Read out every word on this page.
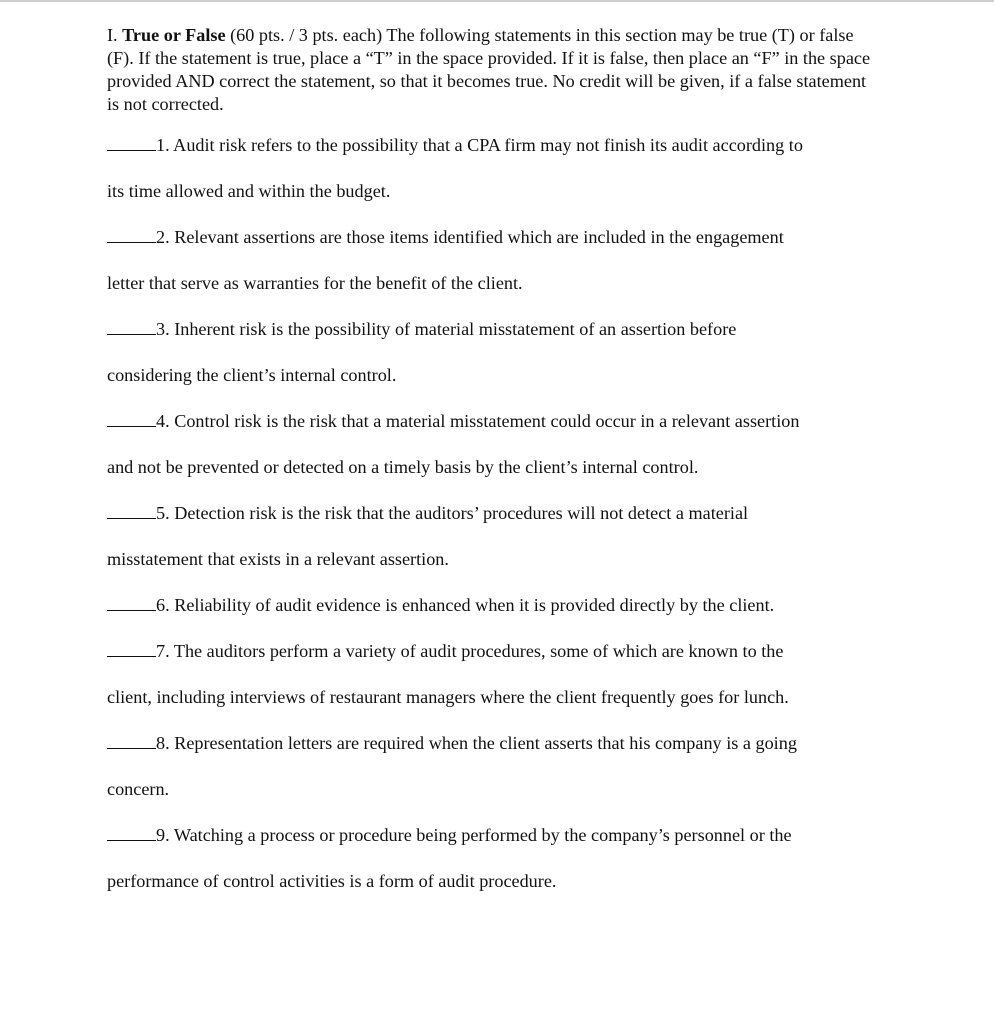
I. True or False (60 pts. / 3 pts. each) The following statements in this section may be true (T) or false (F). If the statement is true, place a “T” in the space provided. If it is false, then place an “F” in the space provided AND correct the statement, so that it becomes true. No credit will be given, if a false statement is not corrected.

1. Audit risk refers to the possibility that a CPA firm may not finish its audit according to
its time allowed and within the budget.
2. Relevant assertions are those items identified which are included in the engagement
letter that serve as warranties for the benefit of the client.
3. Inherent risk is the possibility of material misstatement of an assertion before
considering the client’s internal control.
4. Control risk is the risk that a material misstatement could occur in a relevant assertion
and not be prevented or detected on a timely basis by the client’s internal control.
5. Detection risk is the risk that the auditors’ procedures will not detect a material
misstatement that exists in a relevant assertion.
6. Reliability of audit evidence is enhanced when it is provided directly by the client.
7. The auditors perform a variety of audit procedures, some of which are known to the
client, including interviews of restaurant managers where the client frequently goes for lunch.
8. Representation letters are required when the client asserts that his company is a going
concern.
9. Watching a process or procedure being performed by the company’s personnel or the
performance of control activities is a form of audit procedure.
